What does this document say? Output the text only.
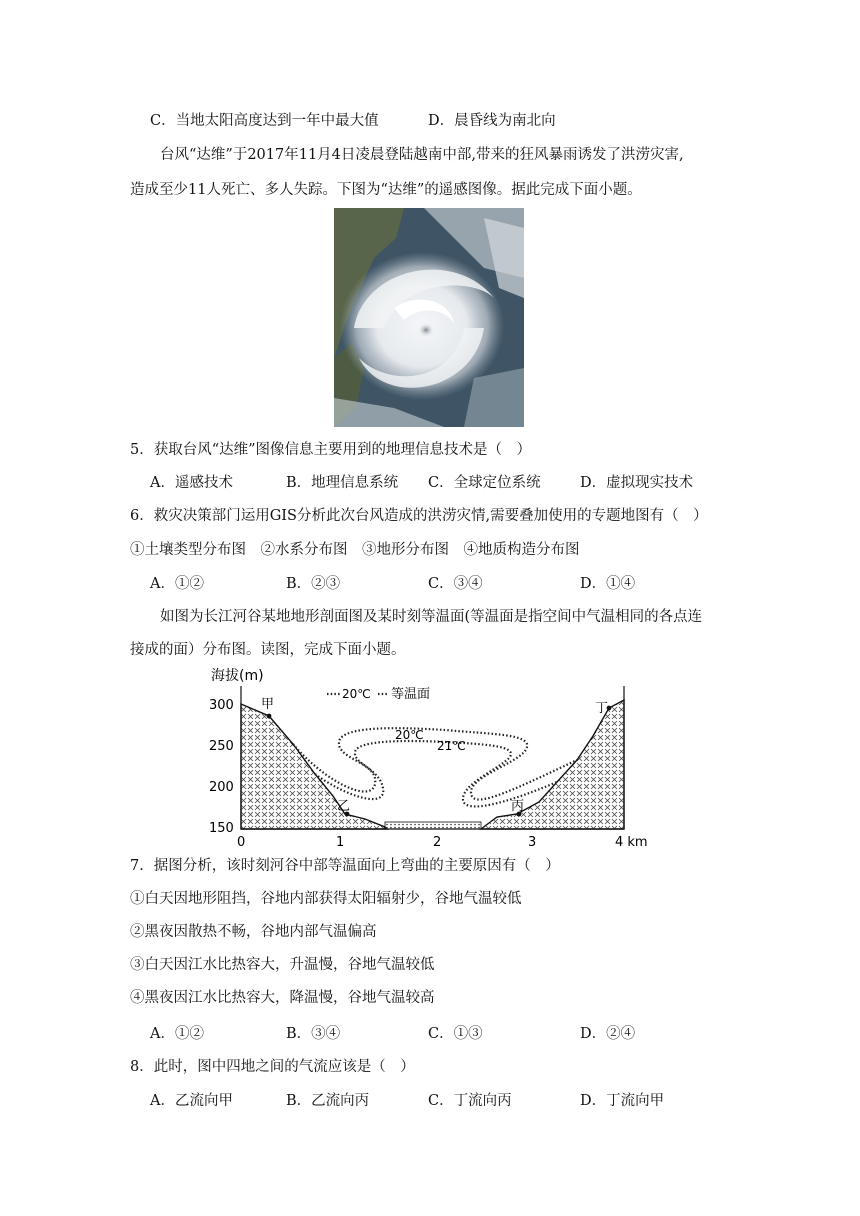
C．当地太阳高度达到一年中最大值	D．晨昏线为南北向
台风“达维”于2017年11月4日凌晨登陆越南中部,带来的狂风暴雨诱发了洪涝灾害,
造成至少11人死亡、多人失踪。下图为“达维”的遥感图像。据此完成下面小题。
5．获取台风“达维”图像信息主要用到的地理信息技术是（　）
A．遥感技术	B．地理信息系统 C．全球定位系统	D．虚拟现实技术
6．救灾决策部门运用GIS分析此次台风造成的洪涝灾情,需要叠加使用的专题地图有（　）
①土壤类型分布图　②水系分布图　③地形分布图　④地质构造分布图
A．①②	B．②③	C．③④	D．①④
如图为长江河谷某地地形剖面图及某时刻等温面(等温面是指空间中气温相同的各点连
接成的面）分布图。读图，完成下面小题。
海拔(m)
300
250
200
150
0	1	2	3	4 km
20℃ 等温面
20℃
21℃
甲
乙	丙
丁
7．据图分析，该时刻河谷中部等温面向上弯曲的主要原因有（　）
①白天因地形阻挡，谷地内部获得太阳辐射少，谷地气温较低
②黑夜因散热不畅，谷地内部气温偏高
③白天因江水比热容大，升温慢，谷地气温较低
④黑夜因江水比热容大，降温慢，谷地气温较高
A．①②	B．③④	C．①③	D．②④
8．此时，图中四地之间的气流应该是（　）
A．乙流向甲	B．乙流向丙	C．丁流向丙	D．丁流向甲
